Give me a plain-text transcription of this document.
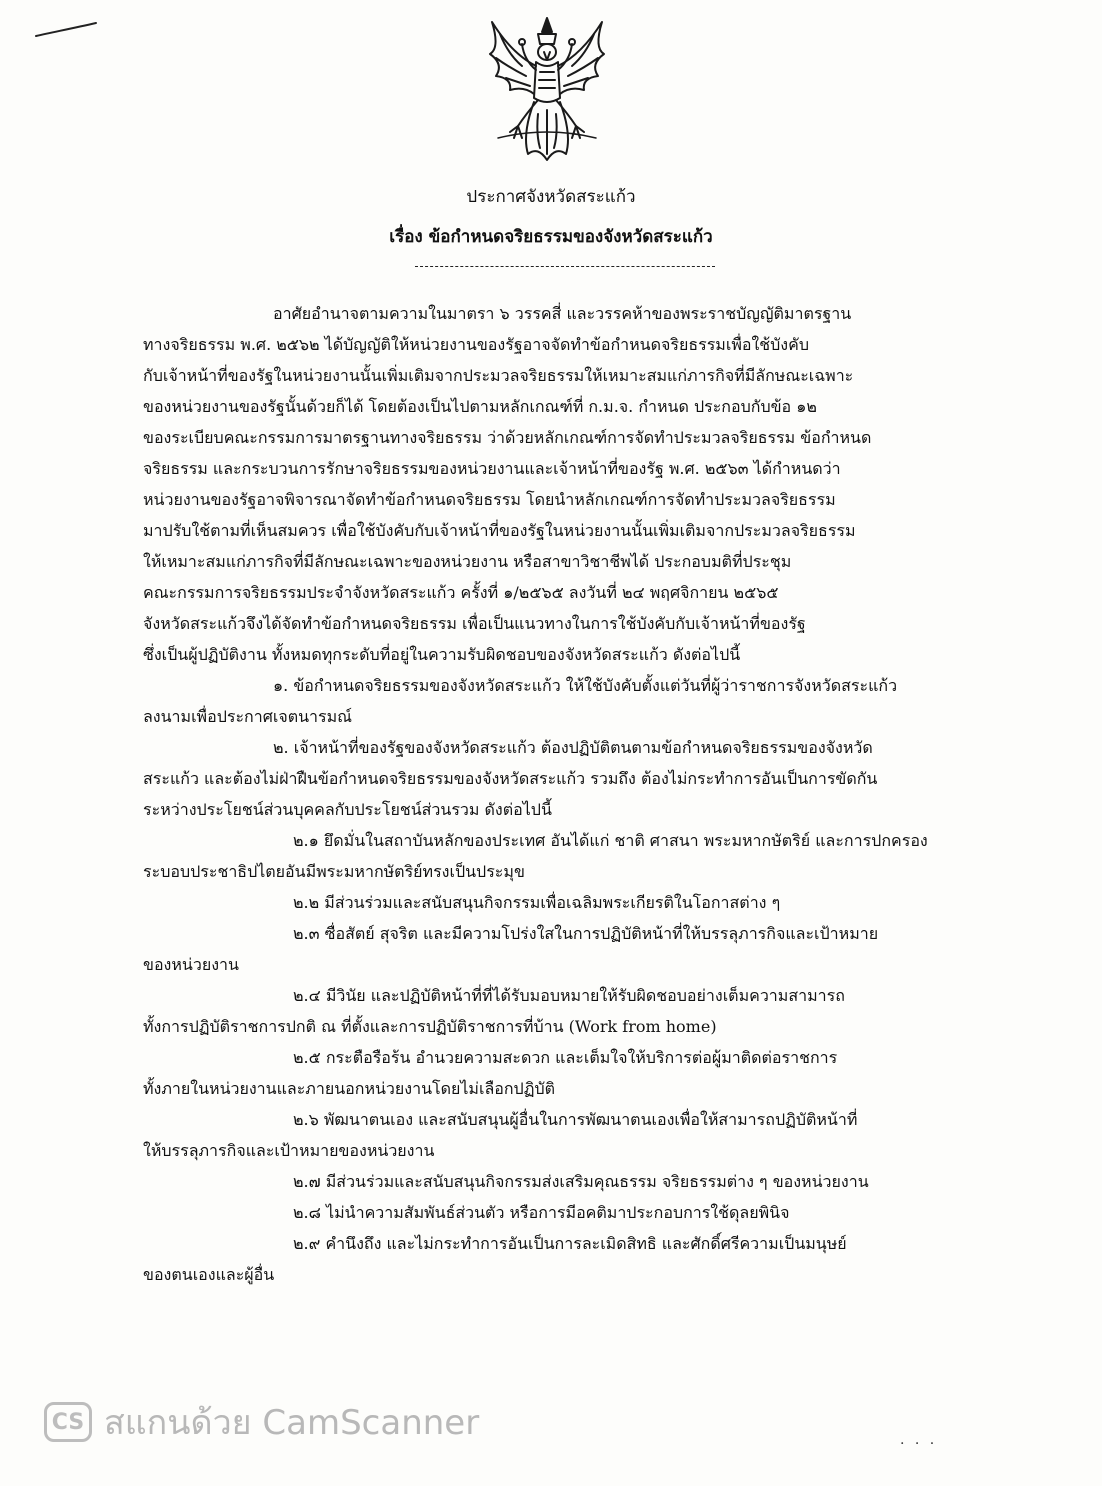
ประกาศจังหวัดสระแก้ว
เรื่อง ข้อกำหนดจริยธรรมของจังหวัดสระแก้ว
อาศัยอำนาจตามความในมาตรา ๖ วรรคสี่ และวรรคห้าของพระราชบัญญัติมาตรฐาน
ทางจริยธรรม พ.ศ. ๒๕๖๒ ได้บัญญัติให้หน่วยงานของรัฐอาจจัดทำข้อกำหนดจริยธรรมเพื่อใช้บังคับ
กับเจ้าหน้าที่ของรัฐในหน่วยงานนั้นเพิ่มเติมจากประมวลจริยธรรมให้เหมาะสมแก่ภารกิจที่มีลักษณะเฉพาะ
ของหน่วยงานของรัฐนั้นด้วยก็ได้ โดยต้องเป็นไปตามหลักเกณฑ์ที่ ก.ม.จ. กำหนด ประกอบกับข้อ ๑๒
ของระเบียบคณะกรรมการมาตรฐานทางจริยธรรม ว่าด้วยหลักเกณฑ์การจัดทำประมวลจริยธรรม ข้อกำหนด
จริยธรรม และกระบวนการรักษาจริยธรรมของหน่วยงานและเจ้าหน้าที่ของรัฐ พ.ศ. ๒๕๖๓ ได้กำหนดว่า
หน่วยงานของรัฐอาจพิจารณาจัดทำข้อกำหนดจริยธรรม โดยนำหลักเกณฑ์การจัดทำประมวลจริยธรรม
มาปรับใช้ตามที่เห็นสมควร เพื่อใช้บังคับกับเจ้าหน้าที่ของรัฐในหน่วยงานนั้นเพิ่มเติมจากประมวลจริยธรรม
ให้เหมาะสมแก่ภารกิจที่มีลักษณะเฉพาะของหน่วยงาน หรือสาขาวิชาชีพได้ ประกอบมติที่ประชุม
คณะกรรมการจริยธรรมประจำจังหวัดสระแก้ว ครั้งที่ ๑/๒๕๖๕ ลงวันที่ ๒๔ พฤศจิกายน ๒๕๖๕
จังหวัดสระแก้วจึงได้จัดทำข้อกำหนดจริยธรรม เพื่อเป็นแนวทางในการใช้บังคับกับเจ้าหน้าที่ของรัฐ
ซึ่งเป็นผู้ปฏิบัติงาน ทั้งหมดทุกระดับที่อยู่ในความรับผิดชอบของจังหวัดสระแก้ว ดังต่อไปนี้
๑. ข้อกำหนดจริยธรรมของจังหวัดสระแก้ว ให้ใช้บังคับตั้งแต่วันที่ผู้ว่าราชการจังหวัดสระแก้ว
ลงนามเพื่อประกาศเจตนารมณ์
๒. เจ้าหน้าที่ของรัฐของจังหวัดสระแก้ว ต้องปฏิบัติตนตามข้อกำหนดจริยธรรมของจังหวัด
สระแก้ว และต้องไม่ฝ่าฝืนข้อกำหนดจริยธรรมของจังหวัดสระแก้ว รวมถึง ต้องไม่กระทำการอันเป็นการขัดกัน
ระหว่างประโยชน์ส่วนบุคคลกับประโยชน์ส่วนรวม ดังต่อไปนี้
๒.๑ ยึดมั่นในสถาบันหลักของประเทศ อันได้แก่ ชาติ ศาสนา พระมหากษัตริย์ และการปกครอง
ระบอบประชาธิปไตยอันมีพระมหากษัตริย์ทรงเป็นประมุข
๒.๒ มีส่วนร่วมและสนับสนุนกิจกรรมเพื่อเฉลิมพระเกียรติในโอกาสต่าง ๆ
๒.๓ ซื่อสัตย์ สุจริต และมีความโปร่งใสในการปฏิบัติหน้าที่ให้บรรลุภารกิจและเป้าหมาย
ของหน่วยงาน
๒.๔ มีวินัย และปฏิบัติหน้าที่ที่ได้รับมอบหมายให้รับผิดชอบอย่างเต็มความสามารถ
ทั้งการปฏิบัติราชการปกติ ณ ที่ตั้งและการปฏิบัติราชการที่บ้าน (Work from home)
๒.๕ กระตือรือร้น อำนวยความสะดวก และเต็มใจให้บริการต่อผู้มาติดต่อราชการ
ทั้งภายในหน่วยงานและภายนอกหน่วยงานโดยไม่เลือกปฏิบัติ
๒.๖ พัฒนาตนเอง และสนับสนุนผู้อื่นในการพัฒนาตนเองเพื่อให้สามารถปฏิบัติหน้าที่
ให้บรรลุภารกิจและเป้าหมายของหน่วยงาน
๒.๗ มีส่วนร่วมและสนับสนุนกิจกรรมส่งเสริมคุณธรรม จริยธรรมต่าง ๆ ของหน่วยงาน
๒.๘ ไม่นำความสัมพันธ์ส่วนตัว หรือการมีอคติมาประกอบการใช้ดุลยพินิจ
๒.๙ คำนึงถึง และไม่กระทำการอันเป็นการละเมิดสิทธิ และศักดิ์ศรีความเป็นมนุษย์
ของตนเองและผู้อื่น
CS สแกนด้วย CamScanner	. . .
